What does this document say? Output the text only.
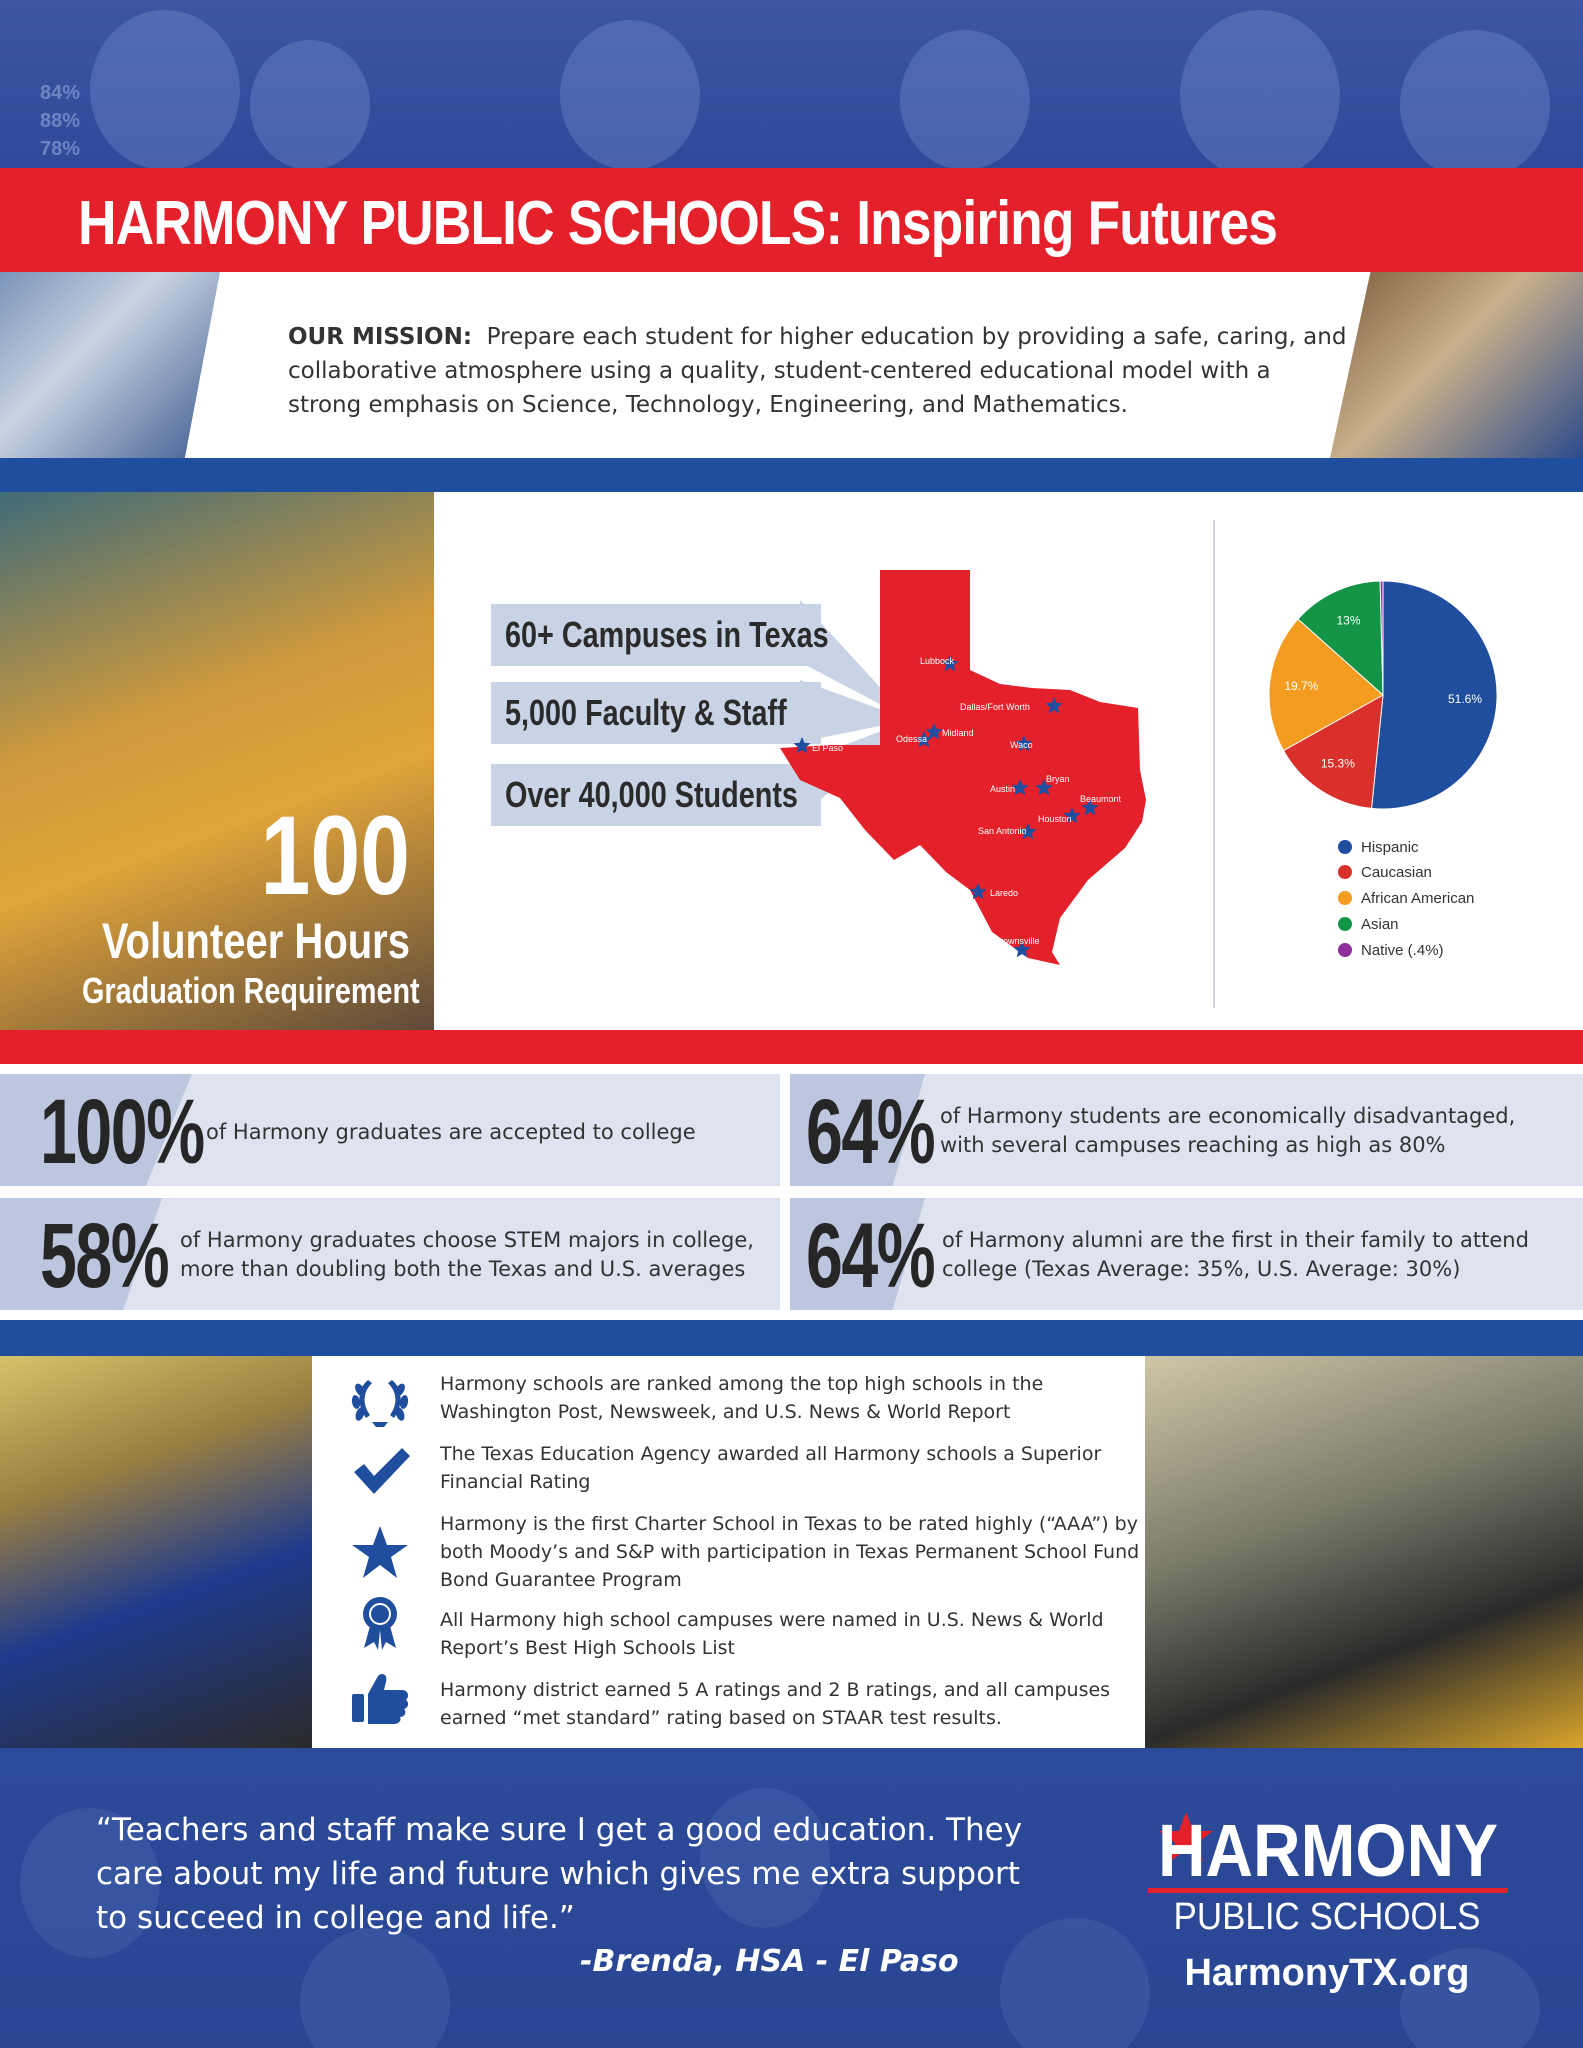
84%
88%
78%
HARMONY PUBLIC SCHOOLS: Inspiring Futures
OUR MISSION: Prepare each student for higher education by providing a safe, caring, and collaborative atmosphere using a quality, student-centered educational model with a strong emphasis on Science, Technology, Engineering, and Mathematics.
100
Volunteer Hours
Graduation Requirement
60+ Campuses in Texas
5,000 Faculty & Staff
Over 40,000 Students
Lubbock
Dallas/Fort Worth
El Paso
Odessa
Midland
Waco
Bryan
Austin
Beaumont
Houston
San Antonio
Laredo
Brownsville
51.6%
15.3%
19.7%
13%
Hispanic
Caucasian
African American
Asian
Native (.4%)
100% of Harmony graduates are accepted to college	64% of Harmony students are economically disadvantaged, with several campuses reaching as high as 80%
58% of Harmony graduates choose STEM majors in college, more than doubling both the Texas and U.S. averages 64% of Harmony alumni are the first in their family to attend college (Texas Average: 35%, U.S. Average: 30%)
Harmony schools are ranked among the top high schools in the Washington Post, Newsweek, and U.S. News & World Report
The Texas Education Agency awarded all Harmony schools a Superior Financial Rating
Harmony is the first Charter School in Texas to be rated highly (“AAA”) by both Moody’s and S&P with participation in Texas Permanent School Fund Bond Guarantee Program
All Harmony high school campuses were named in U.S. News & World Report’s Best High Schools List
Harmony district earned 5 A ratings and 2 B ratings, and all campuses earned “met standard” rating based on STAAR test results.
“Teachers and staff make sure I get a good education. They care about my life and future which gives me extra support to succeed in college and life.”
-Brenda, HSA - El Paso
HARMONY
PUBLIC SCHOOLS
HarmonyTX.org
